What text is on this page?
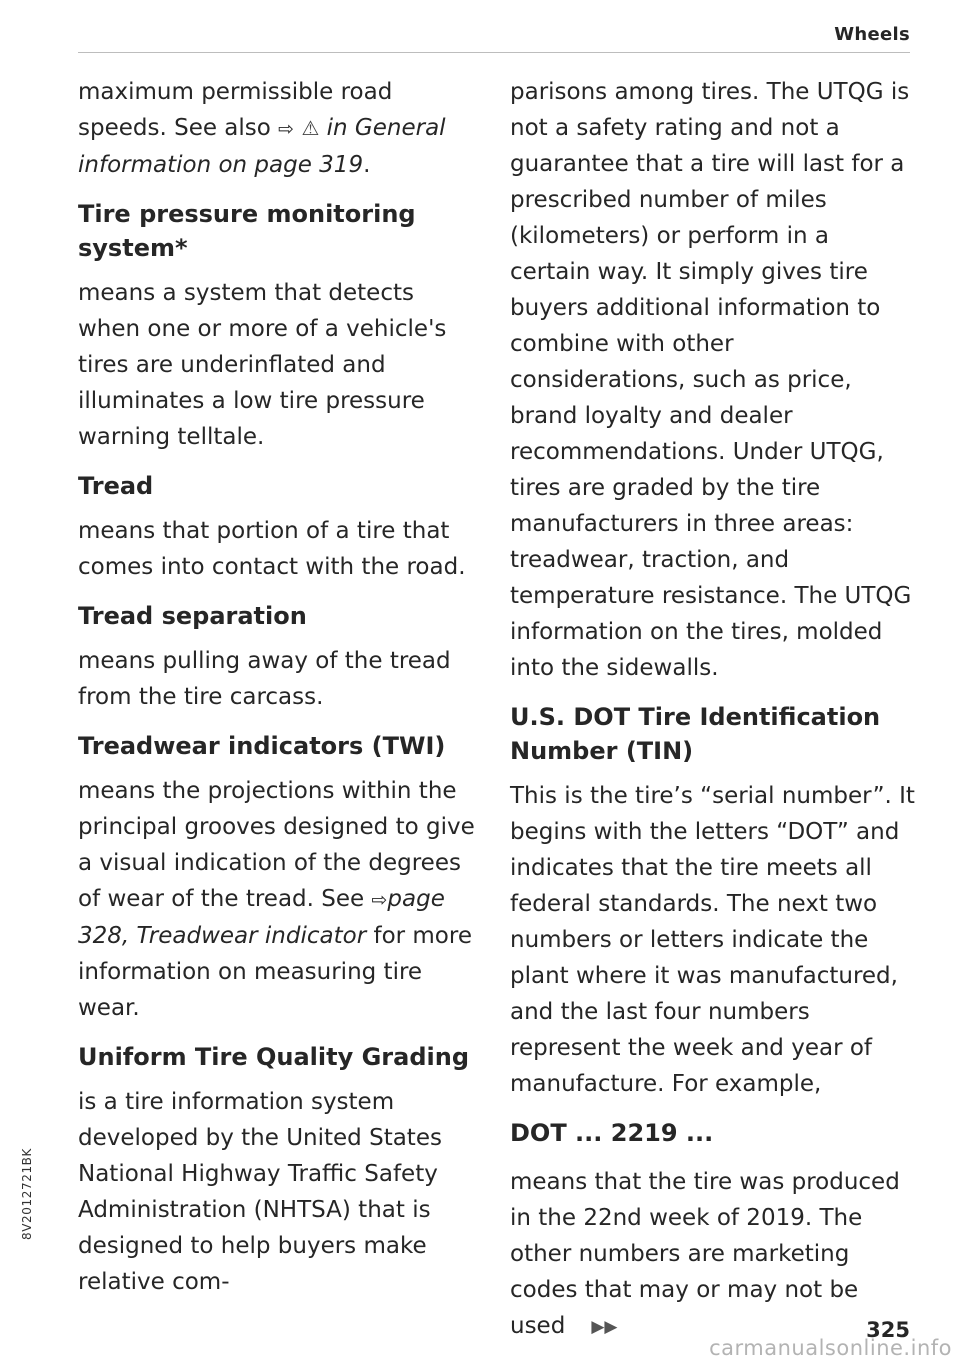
Wheels

maximum permissible road speeds. See also ⇨ ⚠ in General information on page 319.

Tire pressure monitoring system*

means a system that detects when one or more of a vehicle's tires are underinflated and illuminates a low tire pressure warning telltale.

Tread

means that portion of a tire that comes into contact with the road.

Tread separation

means pulling away of the tread from the tire carcass.

Treadwear indicators (TWI)

means the projections within the principal grooves designed to give a visual indication of the degrees of wear of the tread. See ⇨page 328, Treadwear indicator for more information on measuring tire wear.

Uniform Tire Quality Grading

is a tire information system developed by the United States National Highway Traffic Safety Administration (NHTSA) that is designed to help buyers make relative com-

parisons among tires. The UTQG is not a safety rating and not a guarantee that a tire will last for a prescribed number of miles (kilometers) or perform in a certain way. It simply gives tire buyers additional information to combine with other considerations, such as price, brand loyalty and dealer recommendations. Under UTQG, tires are graded by the tire manufacturers in three areas: treadwear, traction, and temperature resistance. The UTQG information on the tires, molded into the sidewalls.

U.S. DOT Tire Identification Number (TIN)

This is the tire’s “serial number”. It begins with the letters “DOT” and indicates that the tire meets all federal standards. The next two numbers or letters indicate the plant where it was manufactured, and the last four numbers represent the week and year of manufacture. For example,

DOT ... 2219 ...

means that the tire was produced in the 22nd week of 2019. The other numbers are marketing codes that may or may not be used ▶▶	325
8V2012721BK
carmanualsonline.info
